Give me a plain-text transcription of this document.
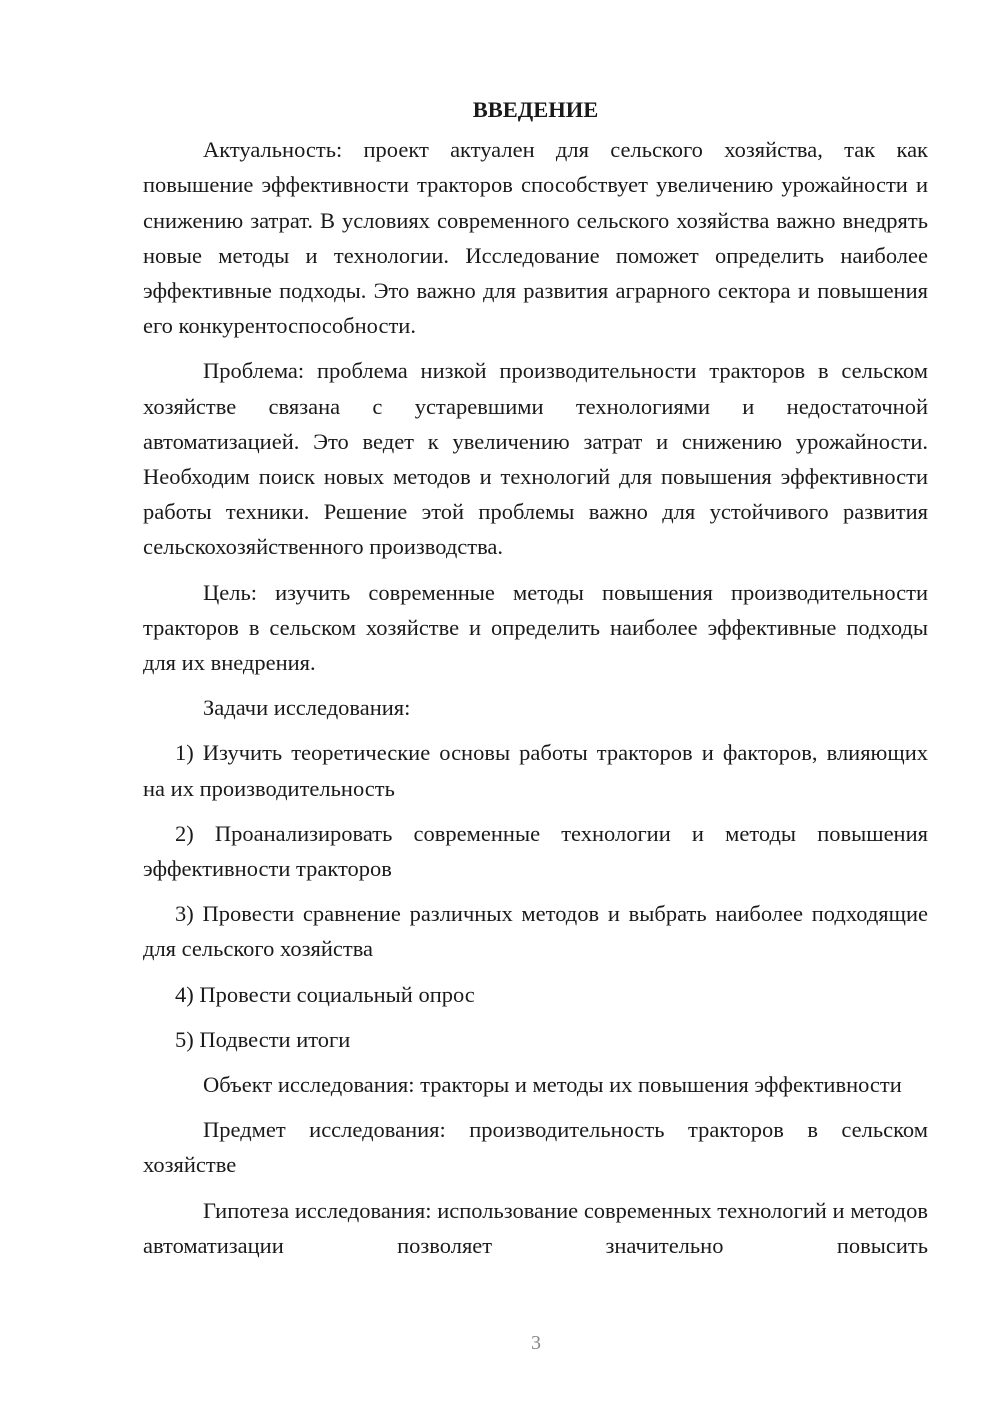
ВВЕДЕНИЕ

Актуальность: проект актуален для сельского хозяйства, так как повышение эффективности тракторов способствует увеличению урожайности и снижению затрат. В условиях современного сельского хозяйства важно внедрять новые методы и технологии. Исследование поможет определить наиболее эффективные подходы. Это важно для развития аграрного сектора и повышения его конкурентоспособности.

Проблема: проблема низкой производительности тракторов в сельском хозяйстве связана с устаревшими технологиями и недостаточной автоматизацией. Это ведет к увеличению затрат и снижению урожайности. Необходим поиск новых методов и технологий для повышения эффективности работы техники. Решение этой проблемы важно для устойчивого развития сельскохозяйственного производства.

Цель: изучить современные методы повышения производительности тракторов в сельском хозяйстве и определить наиболее эффективные подходы для их внедрения.

Задачи исследования:

1) Изучить теоретические основы работы тракторов и факторов, влияющих на их производительность

2) Проанализировать современные технологии и методы повышения эффективности тракторов

3) Провести сравнение различных методов и выбрать наиболее подходящие для сельского хозяйства

4) Провести социальный опрос

5) Подвести итоги

Объект исследования: тракторы и методы их повышения эффективности

Предмет исследования: производительность тракторов в сельском хозяйстве

Гипотеза исследования: использование современных технологий и методов автоматизации позволяет значительно повысить

3
